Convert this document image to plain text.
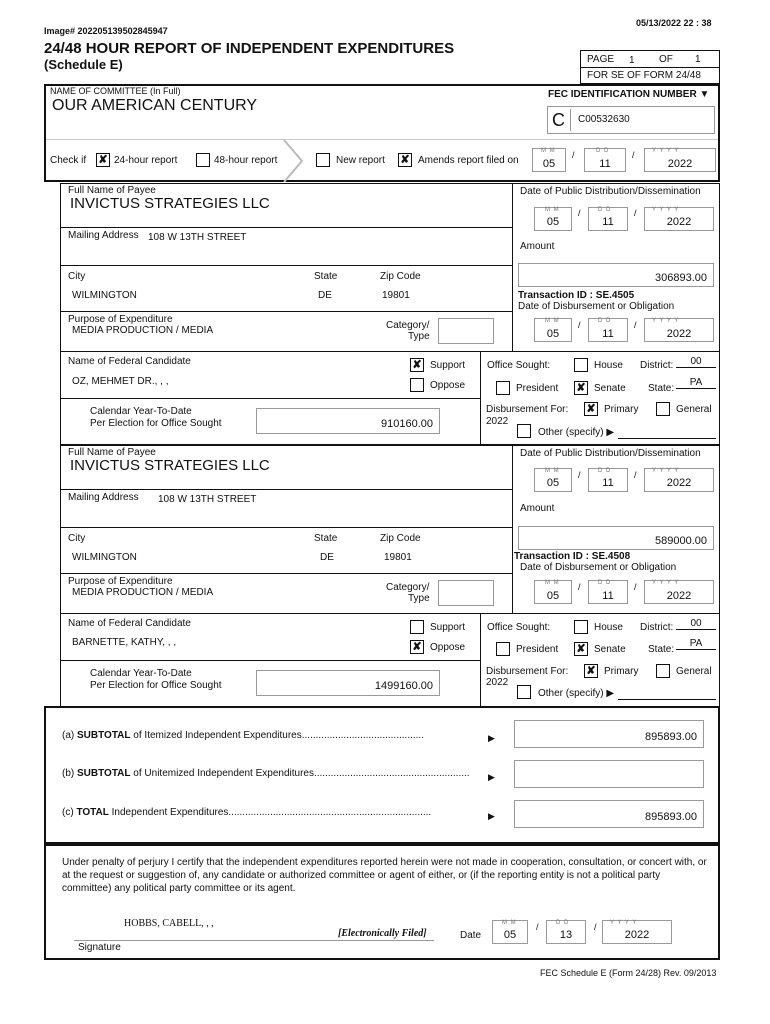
Image# 202205139502845947
05/13/2022 22 : 38
24/48 HOUR REPORT OF INDEPENDENT EXPENDITURES
(Schedule E)	PAGE 1 OF 1
FOR SE OF FORM 24/48
NAME OF COMMITTEE (In Full)
OUR AMERICAN CENTURY
FEC IDENTIFICATION NUMBER ▼
C C00532630
Check if ✘ 24-hour report	48-hour report	New report ✘ Amends report filed on	05
M M /
11
D D	/
2022
Y Y Y Y
Full Name of Payee
INVICTUS STRATEGIES LLC
Mailing Address 108 W 13TH STREET
City	State	Zip Code
WILMINGTON	DE	19801
Purpose of Expenditure
MEDIA PRODUCTION / MEDIA	Category/
Type
Name of Federal Candidate
OZ, MEHMET DR., , ,
✘ Support
Oppose
Calendar Year-To-Date
Per Election for Office Sought	910160.00
Office Sought:	House District:	00
President ✘ Senate State:
PA
Disbursement For:
2022
✘ Primary	General
Other (specify) ▶
Date of Public Distribution/Dissemination
05
M M /
11
D D	/
2022
Y Y Y Y
Amount
306893.00
Transaction ID : SE.4505
Date of Disbursement or Obligation
05
M M /
11
D D	/
2022
Y Y Y Y
Full Name of Payee
INVICTUS STRATEGIES LLC
Mailing Address 108 W 13TH STREET
City	State	Zip Code
WILMINGTON	DE	19801
Purpose of Expenditure
MEDIA PRODUCTION / MEDIA	Category/
Type
Name of Federal Candidate
BARNETTE, KATHY, , ,
Support
✘ Oppose
Calendar Year-To-Date
Per Election for Office Sought	1499160.00
Office Sought:	House District:	00
President ✘ Senate State:
PA
Disbursement For:
2022
✘ Primary	General
Other (specify) ▶
Date of Public Distribution/Dissemination
05
M M /
11
D D	/
2022
Y Y Y Y
Amount
589000.00
Transaction ID : SE.4508
Date of Disbursement or Obligation
05
M M /
11
D D	/
2022
Y Y Y Y
(a) SUBTOTAL of Itemized Independent Expenditures............................................	▶	895893.00
(b) SUBTOTAL of Unitemized Independent Expenditures........................................................ ▶
(c) TOTAL Independent Expenditures.........................................................................	▶	895893.00
Under penalty of perjury I certify that the independent expenditures reported herein were not made in cooperation, consultation, or concert with, or at the request or suggestion of, any candidate or authorized committee or agent of either, or (if the reporting entity is not a political party committee) any political party committee or its agent.
HOBBS, CABELL, , ,
[Electronically Filed]
Signature
Date	05
M M /
13
D D	/
2022
Y Y Y Y
FEC Schedule E (Form 24/28) Rev. 09/2013
